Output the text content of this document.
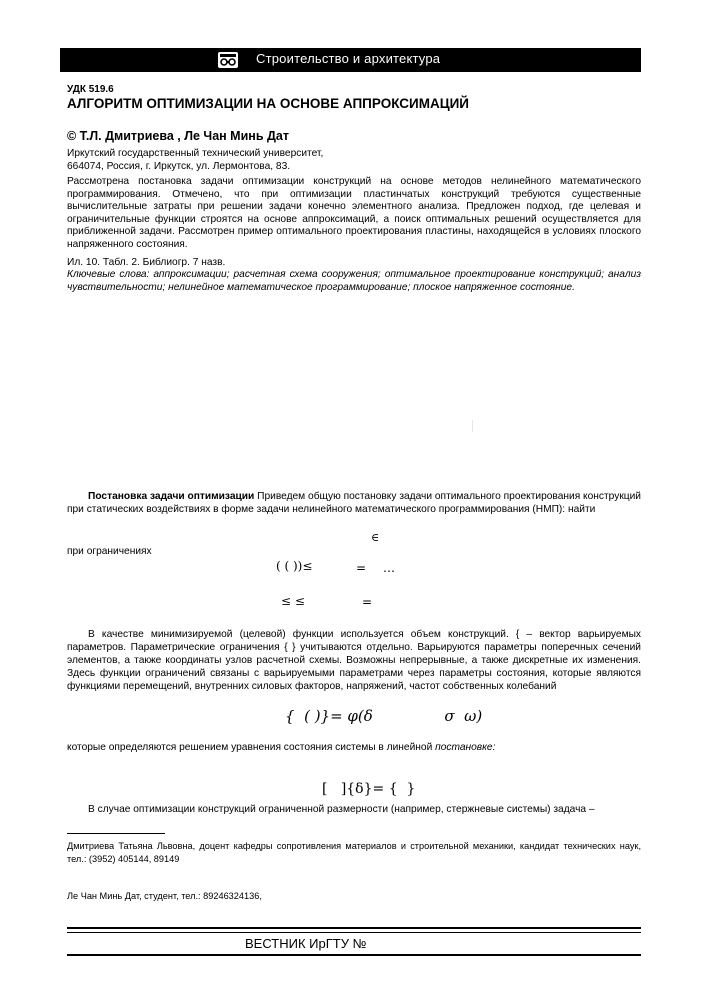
Строительство и архитектура
УДК 519.6
АЛГОРИТМ ОПТИМИЗАЦИИ НА ОСНОВЕ АППРОКСИМАЦИЙ
© Т.Л. Дмитриева , Ле Чан Минь Дат
Иркутский государственный технический университет,
664074, Россия, г. Иркутск, ул. Лермонтова, 83.
Рассмотрена постановка задачи оптимизации конструкций на основе методов нелинейного математического программирования. Отмечено, что при оптимизации пластинчатых конструкций требуются существенные вычислительные затраты при решении задачи конечно элементного анализа. Предложен подход, где целевая и ограничительные функции строятся на основе аппроксимаций, а поиск оптимальных решений осуществляется для приближенной задачи. Рассмотрен пример оптимального проектирования пластины, находящейся в условиях плоского напряженного состояния.
Ил. 10. Табл. 2. Библиогр. 7 назв.
Ключевые слова: аппроксимации; расчетная схема сооружения; оптимальное проектирование конструкций; анализ чувствительности; нелинейное математическое программирование; плоское напряженное состояние.
Постановка задачи оптимизации Приведем общую постановку задачи оптимального проектирования конструкций при статических воздействиях в форме задачи нелинейного математического программирования (НМП): найти
∈
при ограничениях
( ( ))≤	= …
≤ ≤	=
В качестве минимизируемой (целевой) функции используется объем конструкций. { – вектор варьируемых параметров. Параметрические ограничения { } учитываются отдельно. Варьируются параметры поперечных сечений элементов, а также координаты узлов расчетной схемы. Возможны непрерывные, а также дискретные их изменения. Здесь функции ограничений связаны с варьируемыми параметрами через параметры состояния, которые являются функциями перемещений, внутренних силовых факторов, напряжений, частот собственных колебаний
{  ( )}= φ(δ               σ  ω)
которые определяются решением уравнения состояния системы в линейной постановке:
[   ]{δ}= {  }
В случае оптимизации конструкций ограниченной размерности (например, стержневые системы) задача –
Дмитриева Татьяна Львовна, доцент кафедры сопротивления материалов и строительной механики, кандидат технических наук, тел.: (3952) 405144, 89149
Ле Чан Минь Дат, студент, тел.: 89246324136,
ВЕСТНИК ИрГТУ №
